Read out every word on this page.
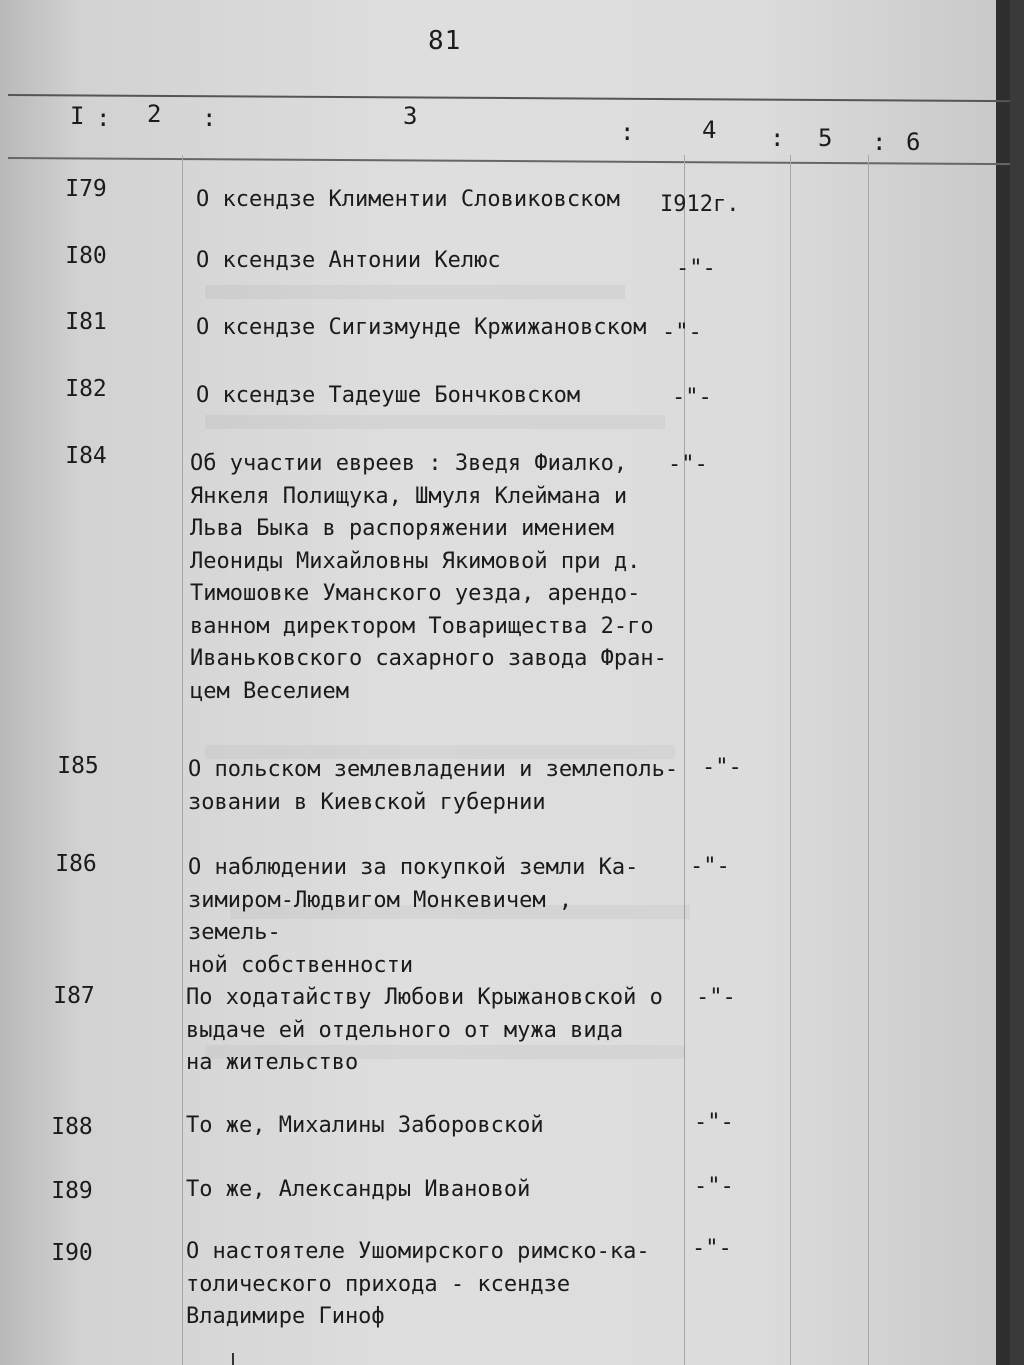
81
I : 2 :	3
:	4 : 5 : 6
I79	О ксендзе Климентии Словиковском	I912г.
I80	О ксендзе Антонии Келюс	-"-
I81	О ксендзе Сигизмунде Кржижановском -"-
I82	О ксендзе Тадеуше Бончковском	-"-
I84	Об участии евреев : Зведя Фиалко,
Янкеля Полищука, Шмуля Клеймана и
Льва Быка в распоряжении имением
Леониды Михайловны Якимовой при д.
Тимошовке Уманского уезда, арендо-
ванном директором Товарищества 2-го
Иваньковского сахарного завода Фран-
цем Веселием
-"-
I85	О польском землевладении и землеполь-
зовании в Киевской губернии
-"-
I86	О наблюдении за покупкой земли Ка-
зимиром-Людвигом Монкевичем , земель-
ной собственности
-"-
I87	По ходатайству Любови Крыжановской о
выдаче ей отдельного от мужа вида
на жительство
-"-
I88	То же, Михалины Заборовской	-"-
I89	То же, Александры Ивановой	-"-
I90	О настоятеле Ушомирского римско-ка-
толического прихода - ксендзе Владимире Гиноф
-"-
